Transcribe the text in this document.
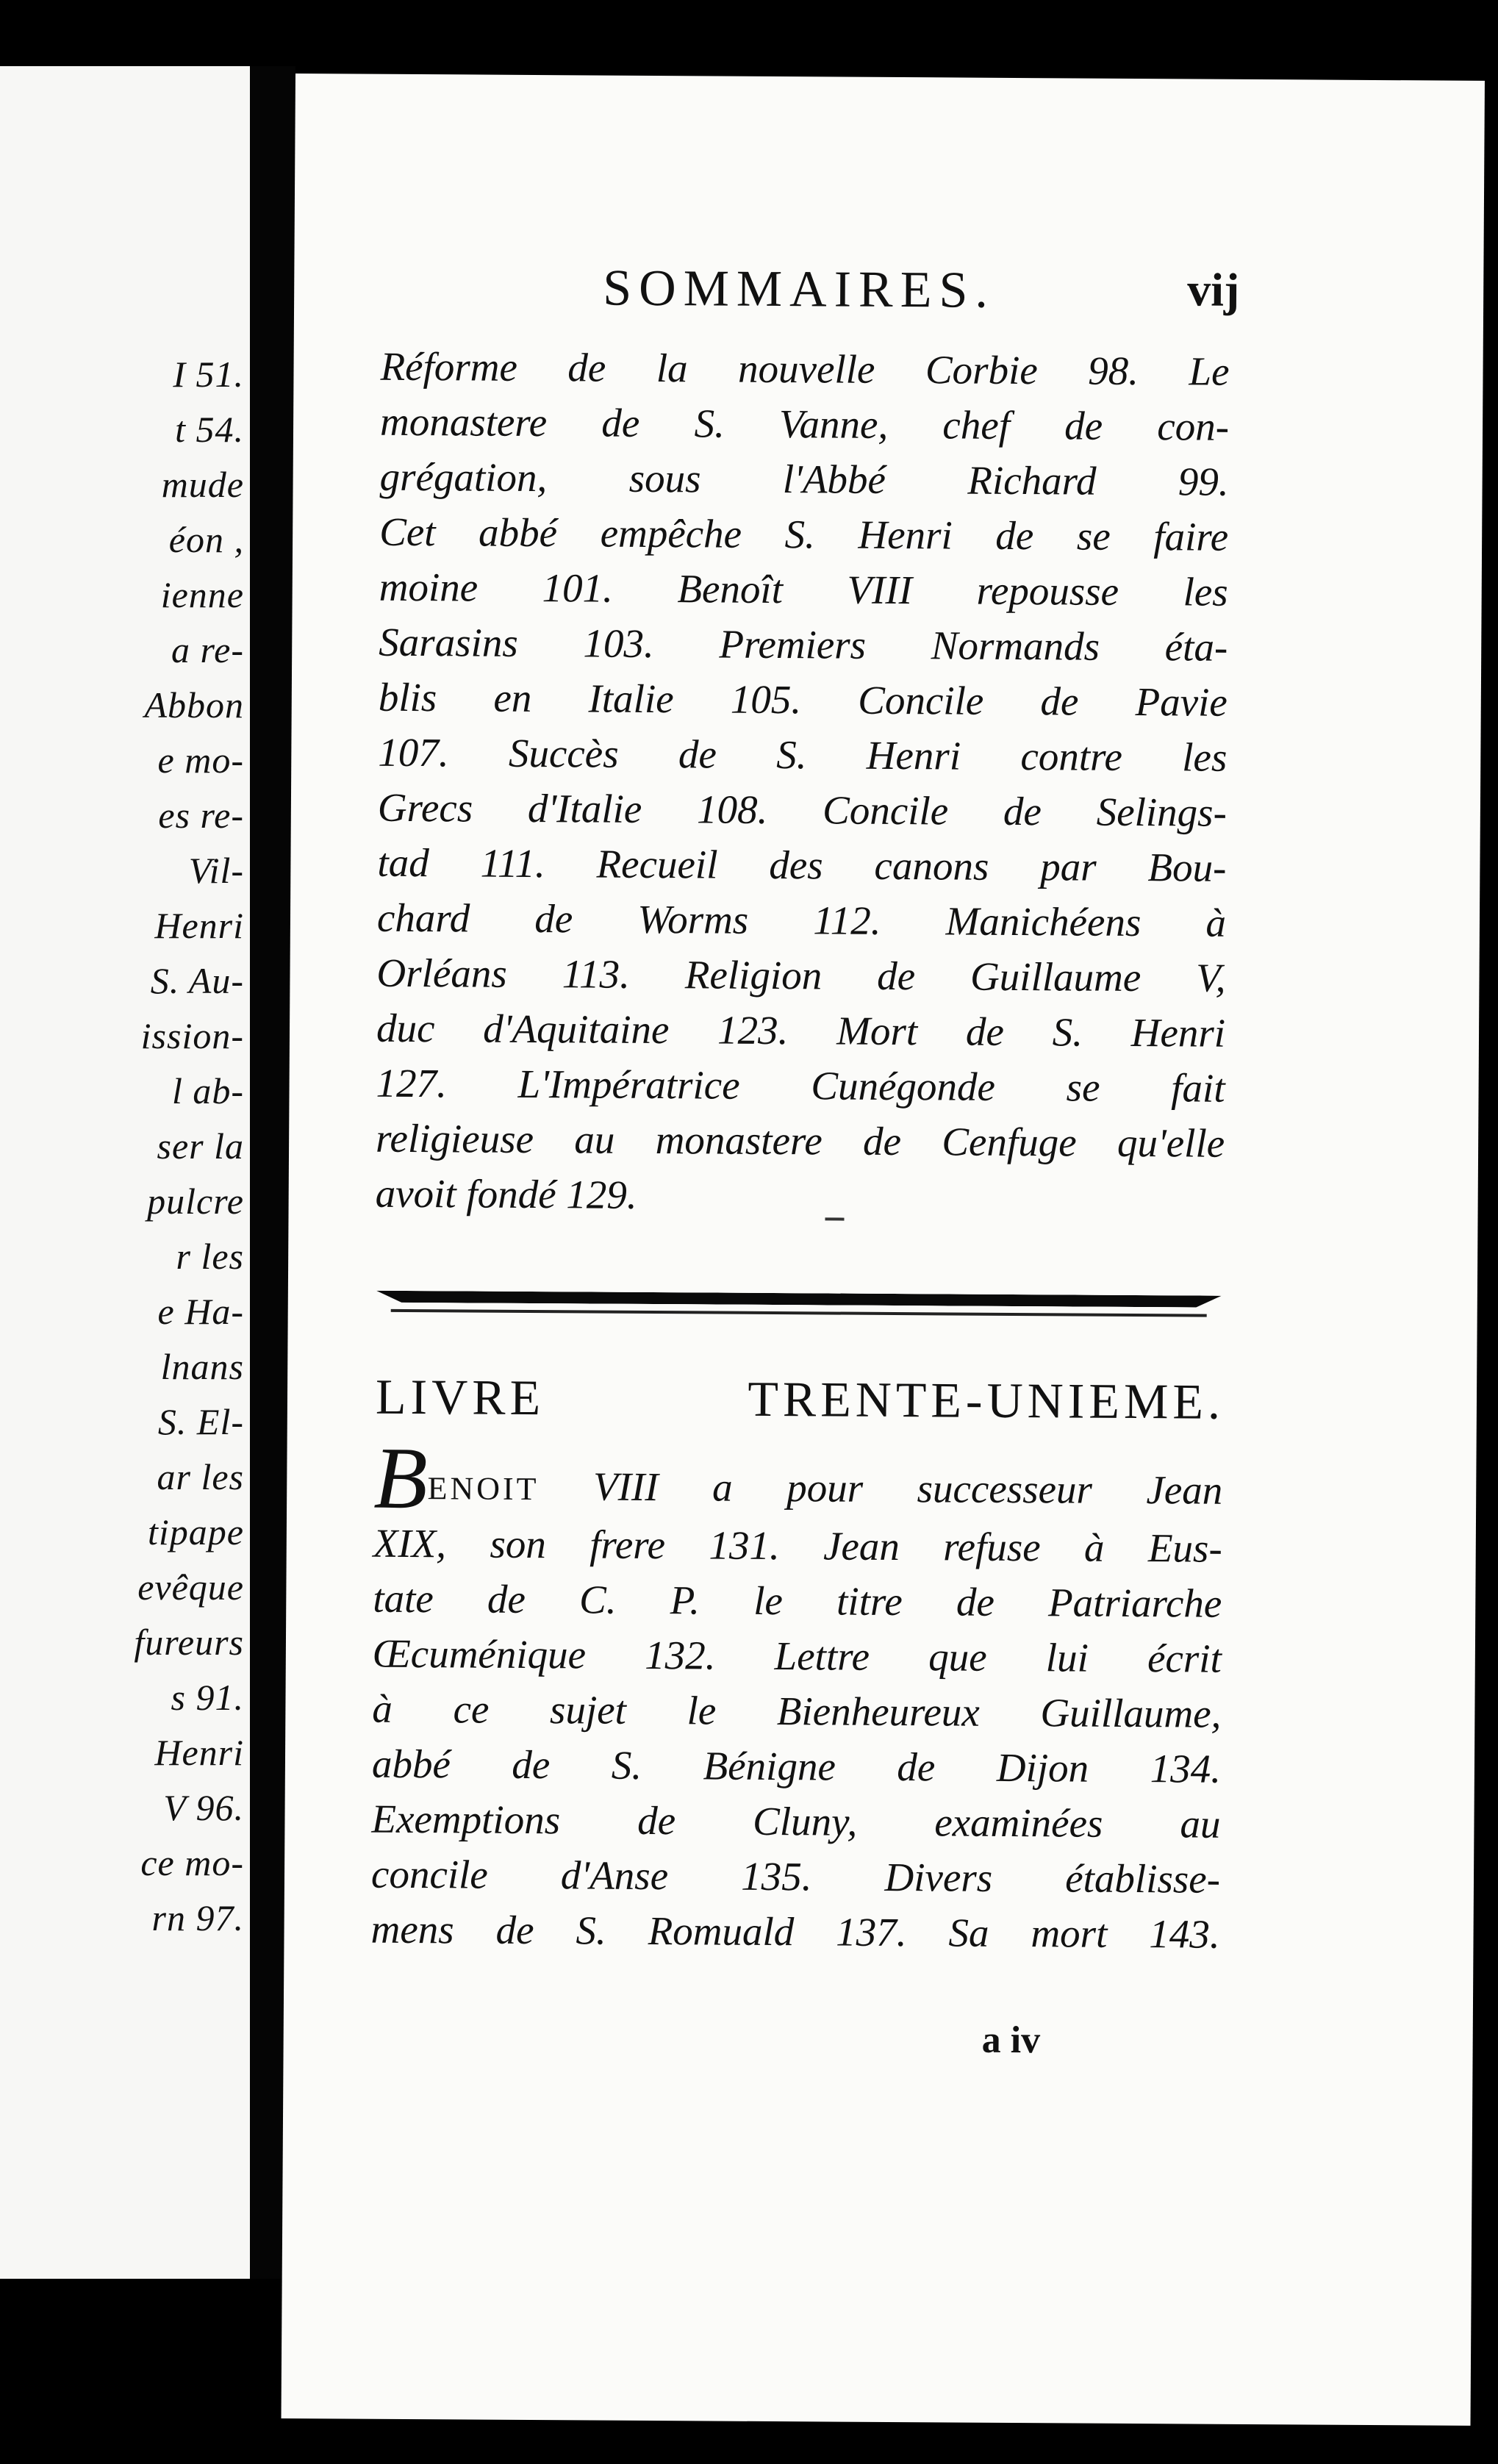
I 51.
t 54.
mude
éon ,
ienne
a re-
Abbon
e mo-
es re-
Vil-
Henri
S. Au-
ission-
l ab-
ser la
pulcre
r les
e Ha-
lnans
S. El-
ar les
tipape
evêque
fureurs
s 91.
Henri
V 96.
ce mo-
rn 97.
SOMMAIRES.	vij
Réforme de la nouvelle Corbie 98. Le
monastere de S. Vanne, chef de con-
grégation, sous l'Abbé Richard 99.
Cet abbé empêche S. Henri de se faire
moine 101. Benoît VIII repousse les
Sarasins 103. Premiers Normands éta-
blis en Italie 105. Concile de Pavie
107. Succès de S. Henri contre les
Grecs d'Italie 108. Concile de Selings-
tad 111. Recueil des canons par Bou-
chard de Worms 112. Manichéens à
Orléans 113. Religion de Guillaume V,
duc d'Aquitaine 123. Mort de S. Henri
127. L'Impératrice Cunégonde se fait
religieuse au monastere de Cenfuge qu'elle
avoit fondé 129.
LIVRE TRENTE-UNIEME.
BENOIT VIII a pour successeur Jean
XIX, son frere 131. Jean refuse à Eus-
tate de C. P. le titre de Patriarche
Œcuménique 132. Lettre que lui écrit
à ce sujet le Bienheureux Guillaume,
abbé de S. Bénigne de Dijon 134.
Exemptions de Cluny, examinées au
concile d'Anse 135. Divers établisse-
mens de S. Romuald 137. Sa mort 143.
a iv
